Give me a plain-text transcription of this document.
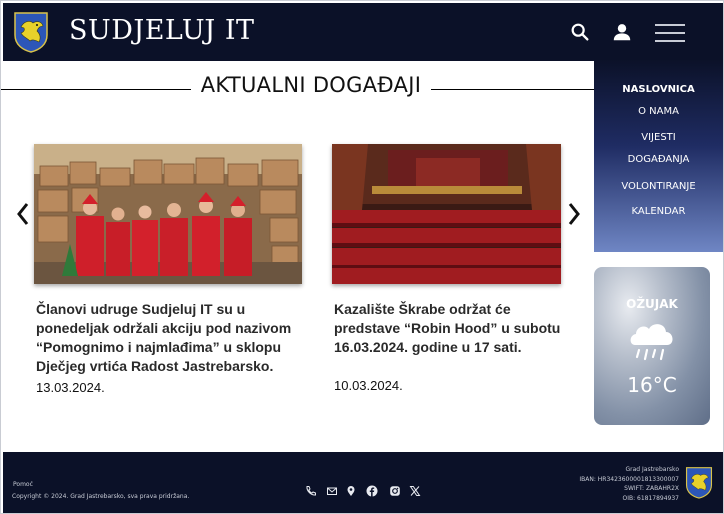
SUDJELUJ IT
AKTUALNI DOGAĐAJI
Članovi udruge Sudjeluj IT su u ponedeljak održali akciju pod nazivom “Pomognimo i najmlađima” u sklopu Dječjeg vrtića Radost Jastrebarsko.
13.03.2024.
Kazalište Škrabe održat će predstave “Robin Hood” u subotu 16.03.2024. godine u 17 sati.
10.03.2024.
NASLOVNICA
O NAMA
VIJESTI
DOGAĐANJA
VOLONTIRANJE
KALENDAR
OŽUJAK
16°C
Pomoć
Copyright © 2024. Grad Jastrebarsko, sva prava pridržana.
Grad Jastrebarsko
IBAN: HR3423600001813300007
SWIFT: ZABAHR2X
OIB: 61817894937
